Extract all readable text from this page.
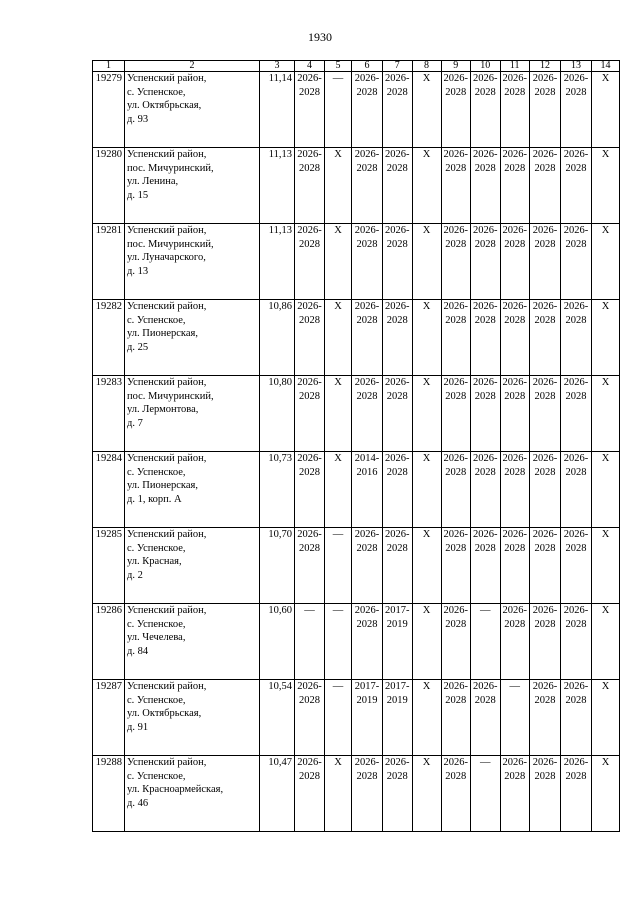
1930
1	2	3	4	5	6	7	8	9	10	11	12	13	14
19279	Успенский район,
с. Успенское,
ул. Октябрьская,
д. 93	11,14	2026-
2028	—	2026-
2028	2026-
2028	X	2026-
2028	2026-
2028	2026-
2028	2026-
2028	2026-
2028	X
19280	Успенский район,
пос. Мичуринский,
ул. Ленина,
д. 15	11,13	2026-
2028	X	2026-
2028	2026-
2028	X	2026-
2028	2026-
2028	2026-
2028	2026-
2028	2026-
2028	X
19281	Успенский район,
пос. Мичуринский,
ул. Луначарского,
д. 13	11,13	2026-
2028	X	2026-
2028	2026-
2028	X	2026-
2028	2026-
2028	2026-
2028	2026-
2028	2026-
2028	X
19282	Успенский район,
с. Успенское,
ул. Пионерская,
д. 25	10,86	2026-
2028	X	2026-
2028	2026-
2028	X	2026-
2028	2026-
2028	2026-
2028	2026-
2028	2026-
2028	X
19283	Успенский район,
пос. Мичуринский,
ул. Лермонтова,
д. 7	10,80	2026-
2028	X	2026-
2028	2026-
2028	X	2026-
2028	2026-
2028	2026-
2028	2026-
2028	2026-
2028	X
19284	Успенский район,
с. Успенское,
ул. Пионерская,
д. 1, корп. А	10,73	2026-
2028	X	2014-
2016	2026-
2028	X	2026-
2028	2026-
2028	2026-
2028	2026-
2028	2026-
2028	X
19285	Успенский район,
с. Успенское,
ул. Красная,
д. 2	10,70	2026-
2028	—	2026-
2028	2026-
2028	X	2026-
2028	2026-
2028	2026-
2028	2026-
2028	2026-
2028	X
19286	Успенский район,
с. Успенское,
ул. Чечелева,
д. 84	10,60	—	—	2026-
2028	2017-
2019	X	2026-
2028	—	2026-
2028	2026-
2028	2026-
2028	X
19287	Успенский район,
с. Успенское,
ул. Октябрьская,
д. 91	10,54	2026-
2028	—	2017-
2019	2017-
2019	X	2026-
2028	2026-
2028	—	2026-
2028	2026-
2028	X
19288	Успенский район,
с. Успенское,
ул. Красноармейская,
д. 46	10,47	2026-
2028	X	2026-
2028	2026-
2028	X	2026-
2028	—	2026-
2028	2026-
2028	2026-
2028	X
